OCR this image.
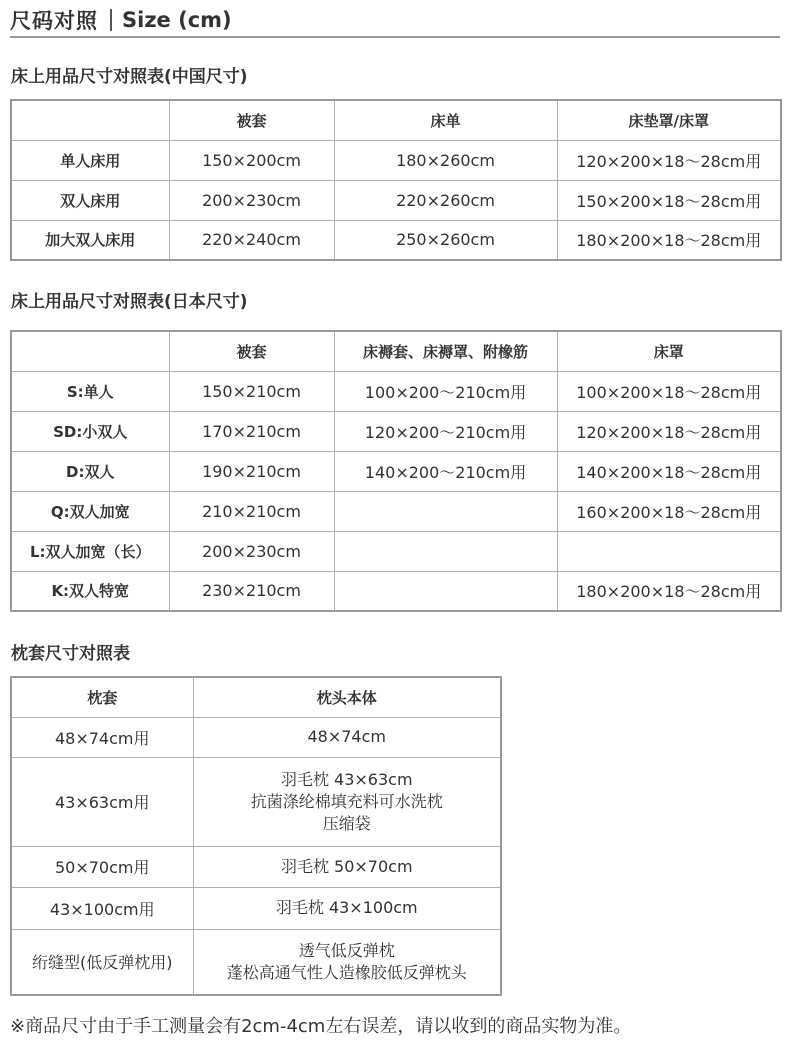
尺码对照 Size (cm)
床上用品尺寸对照表(中国尺寸)
	被套	床单	床垫罩/床罩
单人床用	150×200cm	180×260cm	120×200×18～28cm用
双人床用	200×230cm	220×260cm	150×200×18～28cm用
加大双人床用	220×240cm	250×260cm	180×200×18～28cm用
床上用品尺寸对照表(日本尺寸)
	被套	床褥套、床褥罩、附橡筋	床罩
S:单人	150×210cm	100×200～210cm用	100×200×18～28cm用
SD:小双人	170×210cm	120×200～210cm用	120×200×18～28cm用
D:双人	190×210cm	140×200～210cm用	140×200×18～28cm用
Q:双人加宽	210×210cm		160×200×18～28cm用
L:双人加宽（长）	200×230cm		
K:双人特宽	230×210cm		180×200×18～28cm用
枕套尺寸对照表
枕套	枕头本体
48×74cm用	48×74cm

43×63cm用	羽毛枕 43×63cm
抗菌涤纶棉填充料可水洗枕
压缩袋

50×70cm用	羽毛枕 50×70cm

43×100cm用	羽毛枕 43×100cm

绗缝型(低反弹枕用)	透气低反弹枕
蓬松高通气性人造橡胶低反弹枕头
※商品尺寸由于手工测量会有2cm-4cm左右误差，请以收到的商品实物为准。
